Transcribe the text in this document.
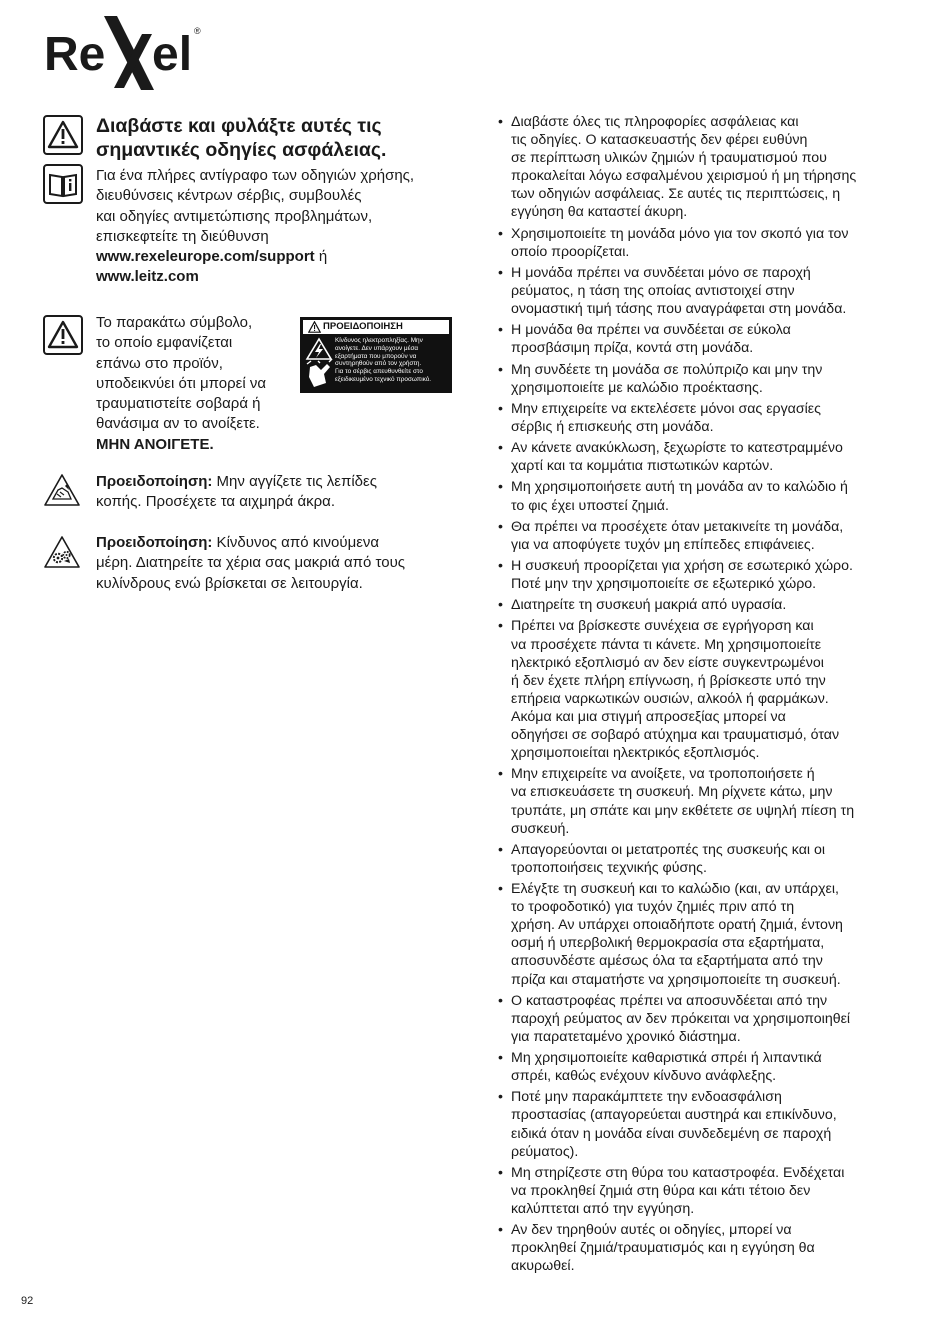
Re el ®
Διαβάστε και φυλάξτε αυτές τις
σημαντικές οδηγίες ασφάλειας.

Για ένα πλήρες αντίγραφο των οδηγιών χρήσης,
διευθύνσεις κέντρων σέρβις, συμβουλές
και οδηγίες αντιμετώπισης προβλημάτων,
επισκεφτείτε τη διεύθυνση
www.rexeleurope.com/support ή
www.leitz.com

Το παρακάτω σύμβολο,
το οποίο εμφανίζεται
επάνω στο προϊόν,
υποδεικνύει ότι μπορεί να
τραυματιστείτε σοβαρά ή
θανάσιμα αν το ανοίξετε.
ΜΗΝ ΑΝΟΙΓΕΤΕ.

ΠΡΟΕΙΔΟΠΟΙΗΣΗ
Κίνδυνος ηλεκτροπληξίας. Μην
ανοίγετε. Δεν υπάρχουν μέσα
εξαρτήματα που μπορούν να
συντηρηθούν από τον χρήστη.
Για το σέρβις απευθυνθείτε στο
εξειδικευμένο τεχνικό προσωπικό.

Προειδοποίηση: Μην αγγίζετε τις λεπίδες
κοπής. Προσέχετε τα αιχμηρά άκρα.

Προειδοποίηση: Κίνδυνος από κινούμενα
μέρη. Διατηρείτε τα χέρια σας μακριά από τους
κυλίνδρους ενώ βρίσκεται σε λειτουργία.

• Διαβάστε όλες τις πληροφορίες ασφάλειας και
τις οδηγίες. Ο κατασκευαστής δεν φέρει ευθύνη
σε περίπτωση υλικών ζημιών ή τραυματισμού που
προκαλείται λόγω εσφαλμένου χειρισμού ή μη τήρησης
των οδηγιών ασφάλειας. Σε αυτές τις περιπτώσεις, η
εγγύηση θα καταστεί άκυρη.
• Χρησιμοποιείτε τη μονάδα μόνο για τον σκοπό για τον
οποίο προορίζεται.
• Η μονάδα πρέπει να συνδέεται μόνο σε παροχή
ρεύματος, η τάση της οποίας αντιστοιχεί στην
ονομαστική τιμή τάσης που αναγράφεται στη μονάδα.
• Η μονάδα θα πρέπει να συνδέεται σε εύκολα
προσβάσιμη πρίζα, κοντά στη μονάδα.
• Μη συνδέετε τη μονάδα σε πολύπριζο και μην την
χρησιμοποιείτε με καλώδιο προέκτασης.
• Μην επιχειρείτε να εκτελέσετε μόνοι σας εργασίες
σέρβις ή επισκευής στη μονάδα.
• Αν κάνετε ανακύκλωση, ξεχωρίστε το κατεστραμμένο
χαρτί και τα κομμάτια πιστωτικών καρτών.
• Μη χρησιμοποιήσετε αυτή τη μονάδα αν το καλώδιο ή
το φις έχει υποστεί ζημιά.
• Θα πρέπει να προσέχετε όταν μετακινείτε τη μονάδα,
για να αποφύγετε τυχόν μη επίπεδες επιφάνειες.
• Η συσκευή προορίζεται για χρήση σε εσωτερικό χώρο.
Ποτέ μην την χρησιμοποιείτε σε εξωτερικό χώρο.
• Διατηρείτε τη συσκευή μακριά από υγρασία.
• Πρέπει να βρίσκεστε συνέχεια σε εγρήγορση και
να προσέχετε πάντα τι κάνετε. Μη χρησιμοποιείτε
ηλεκτρικό εξοπλισμό αν δεν είστε συγκεντρωμένοι
ή δεν έχετε πλήρη επίγνωση, ή βρίσκεστε υπό την
επήρεια ναρκωτικών ουσιών, αλκοόλ ή φαρμάκων.
Ακόμα και μια στιγμή απροσεξίας μπορεί να
οδηγήσει σε σοβαρό ατύχημα και τραυματισμό, όταν
χρησιμοποιείται ηλεκτρικός εξοπλισμός.
• Μην επιχειρείτε να ανοίξετε, να τροποποιήσετε ή
να επισκευάσετε τη συσκευή. Μη ρίχνετε κάτω, μην
τρυπάτε, μη σπάτε και μην εκθέτετε σε υψηλή πίεση τη
συσκευή.
• Απαγορεύονται οι μετατροπές της συσκευής και οι
τροποποιήσεις τεχνικής φύσης.
• Ελέγξτε τη συσκευή και το καλώδιο (και, αν υπάρχει,
το τροφοδοτικό) για τυχόν ζημιές πριν από τη
χρήση. Αν υπάρχει οποιαδήποτε ορατή ζημιά, έντονη
οσμή ή υπερβολική θερμοκρασία στα εξαρτήματα,
αποσυνδέστε αμέσως όλα τα εξαρτήματα από την
πρίζα και σταματήστε να χρησιμοποιείτε τη συσκευή.
• Ο καταστροφέας πρέπει να αποσυνδέεται από την
παροχή ρεύματος αν δεν πρόκειται να χρησιμοποιηθεί
για παρατεταμένο χρονικό διάστημα.
• Μη χρησιμοποιείτε καθαριστικά σπρέι ή λιπαντικά
σπρέι, καθώς ενέχουν κίνδυνο ανάφλεξης.
• Ποτέ μην παρακάμπτετε την ενδοασφάλιση
προστασίας (απαγορεύεται αυστηρά και επικίνδυνο,
ειδικά όταν η μονάδα είναι συνδεδεμένη σε παροχή
ρεύματος).
• Μη στηρίζεστε στη θύρα του καταστροφέα. Ενδέχεται
να προκληθεί ζημιά στη θύρα και κάτι τέτοιο δεν
καλύπτεται από την εγγύηση.
• Αν δεν τηρηθούν αυτές οι οδηγίες, μπορεί να
προκληθεί ζημιά/τραυματισμός και η εγγύηση θα
ακυρωθεί.
92
